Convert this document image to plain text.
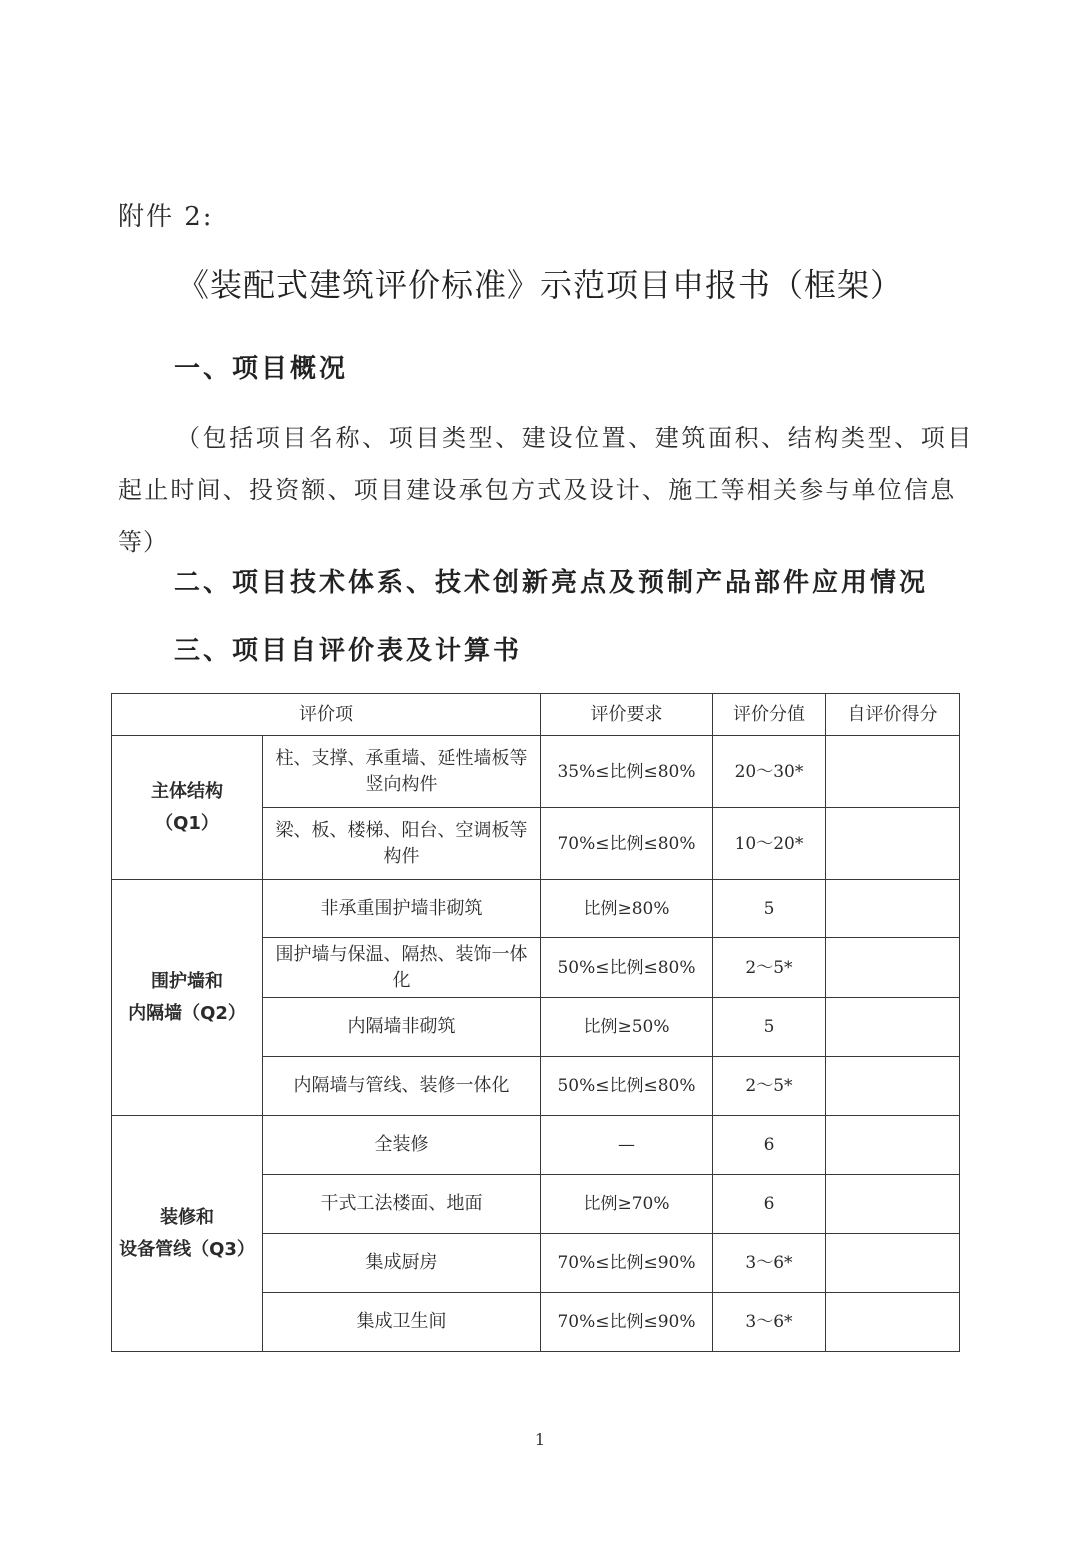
附件 2:
《装配式建筑评价标准》示范项目申报书（框架）
一、项目概况
（包括项目名称、项目类型、建设位置、建筑面积、结构类型、项目
起止时间、投资额、项目建设承包方式及设计、施工等相关参与单位信息
等）
二、项目技术体系、技术创新亮点及预制产品部件应用情况
三、项目自评价表及计算书
评价项		评价要求	评价分值	自评价得分

主体结构
（Q1）	柱、支撑、承重墙、延性墙板等竖向构件	35%≤比例≤80%	20～30*	
	梁、板、楼梯、阳台、空调板等构件	70%≤比例≤80%	10～20*	

围护墙和
内隔墙（Q2）	非承重围护墙非砌筑	比例≥80%	5	
	围护墙与保温、隔热、装饰一体化	50%≤比例≤80%	2～5*	
	内隔墙非砌筑	比例≥50%	5	
	内隔墙与管线、装修一体化	50%≤比例≤80%	2～5*	

装修和
设备管线（Q3）	全装修	—	6	
	干式工法楼面、地面	比例≥70%	6	
	集成厨房	70%≤比例≤90%	3～6*	
	集成卫生间	70%≤比例≤90%	3～6*	
1
